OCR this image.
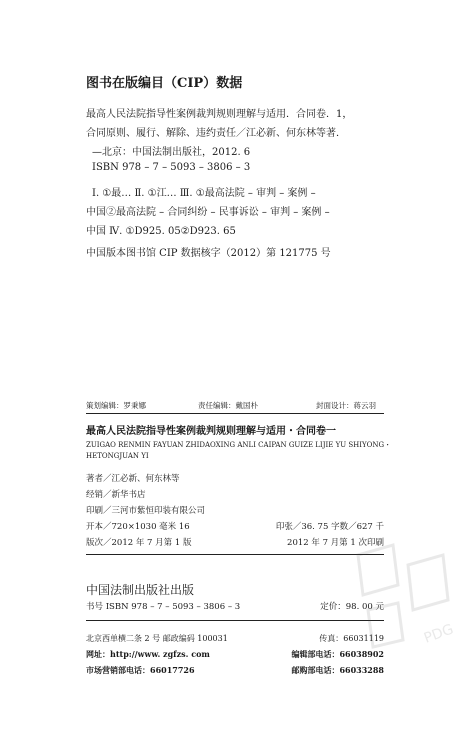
图书在版编目（CIP）数据
最高人民法院指导性案例裁判规则理解与适用．合同卷．1，
合同原则、履行、解除、违约责任／江必新、何东林等著．
—北京：中国法制出版社，2012. 6
ISBN 978 – 7 – 5093 – 3806 – 3
Ⅰ. ①最… Ⅱ. ①江… Ⅲ. ①最高法院 – 审判 – 案例 –
中国②最高法院 – 合同纠纷 – 民事诉讼 – 审判 – 案例 –
中国 Ⅳ. ①D925. 05②D923. 65
中国版本图书馆 CIP 数据核字（2012）第 121775 号
策划编辑：罗秉娜	责任编辑：戴国朴	封面设计：蒋云羽
最高人民法院指导性案例裁判规则理解与适用・合同卷一
ZUIGAO RENMIN FAYUAN ZHIDAOXING ANLI CAIPAN GUIZE LIJIE YU SHIYONG・
HETONGJUAN YI
著者／江必新、何东林等
经销／新华书店
印刷／三河市紫恒印装有限公司
开本／720×1030 毫米 16	印张／36. 75 字数／627 千
版次／2012 年 7 月第 1 版	2012 年 7 月第 1 次印刷
中国法制出版社出版
书号 ISBN 978 – 7 – 5093 – 3806 – 3	定价：98. 00 元
北京西单横二条 2 号 邮政编码 100031	传真：66031119
网址：http://www. zgfzs. com	编辑部电话：66038902
市场营销部电话：66017726	邮购部电话：66033288
PDG
